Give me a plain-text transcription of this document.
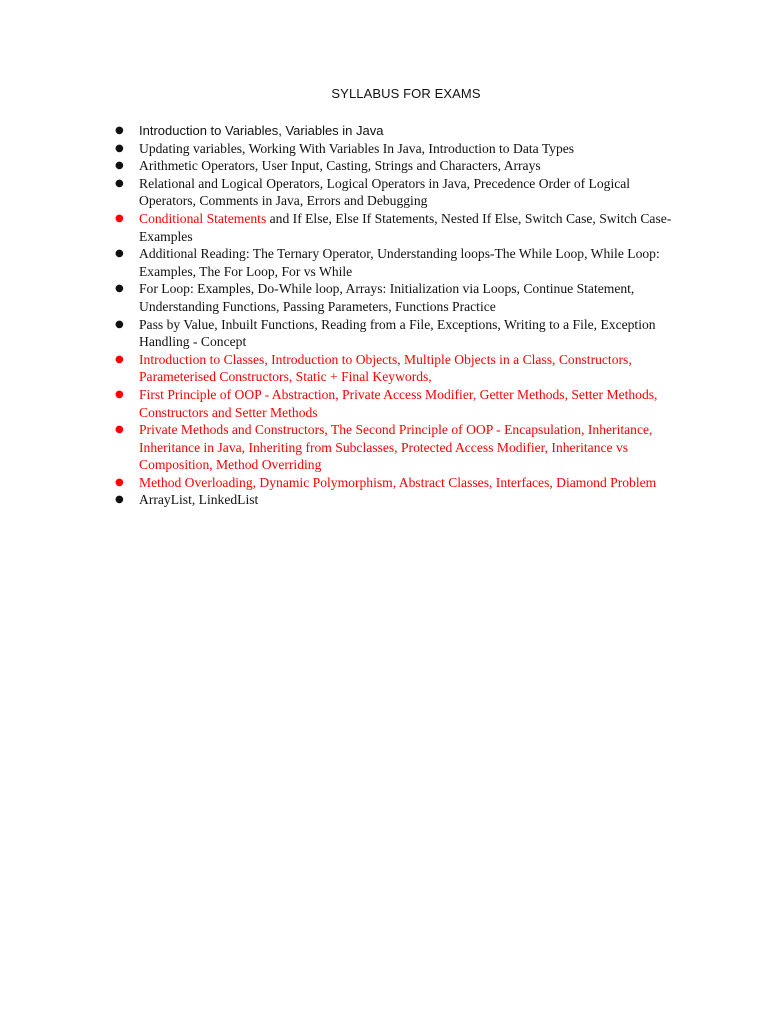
SYLLABUS FOR EXAMS
● Introduction to Variables, Variables in Java
● Updating variables, Working With Variables In Java, Introduction to Data Types
● Arithmetic Operators, User Input, Casting, Strings and Characters, Arrays
● Relational and Logical Operators, Logical Operators in Java, Precedence Order of Logical Operators, Comments in Java, Errors and Debugging
● Conditional Statements and If Else, Else If Statements, Nested If Else, Switch Case, Switch Case-Examples
● Additional Reading: The Ternary Operator, Understanding loops-The While Loop, While Loop: Examples, The For Loop, For vs While
● For Loop: Examples, Do-While loop, Arrays: Initialization via Loops, Continue Statement, Understanding Functions, Passing Parameters, Functions Practice
● Pass by Value, Inbuilt Functions, Reading from a File, Exceptions, Writing to a File, Exception Handling - Concept
● Introduction to Classes, Introduction to Objects, Multiple Objects in a Class, Constructors, Parameterised Constructors, Static + Final Keywords,
● First Principle of OOP - Abstraction, Private Access Modifier, Getter Methods, Setter Methods, Constructors and Setter Methods
● Private Methods and Constructors, The Second Principle of OOP - Encapsulation, Inheritance, Inheritance in Java, Inheriting from Subclasses, Protected Access Modifier, Inheritance vs Composition, Method Overriding
● Method Overloading, Dynamic Polymorphism, Abstract Classes, Interfaces, Diamond Problem
● ArrayList, LinkedList
